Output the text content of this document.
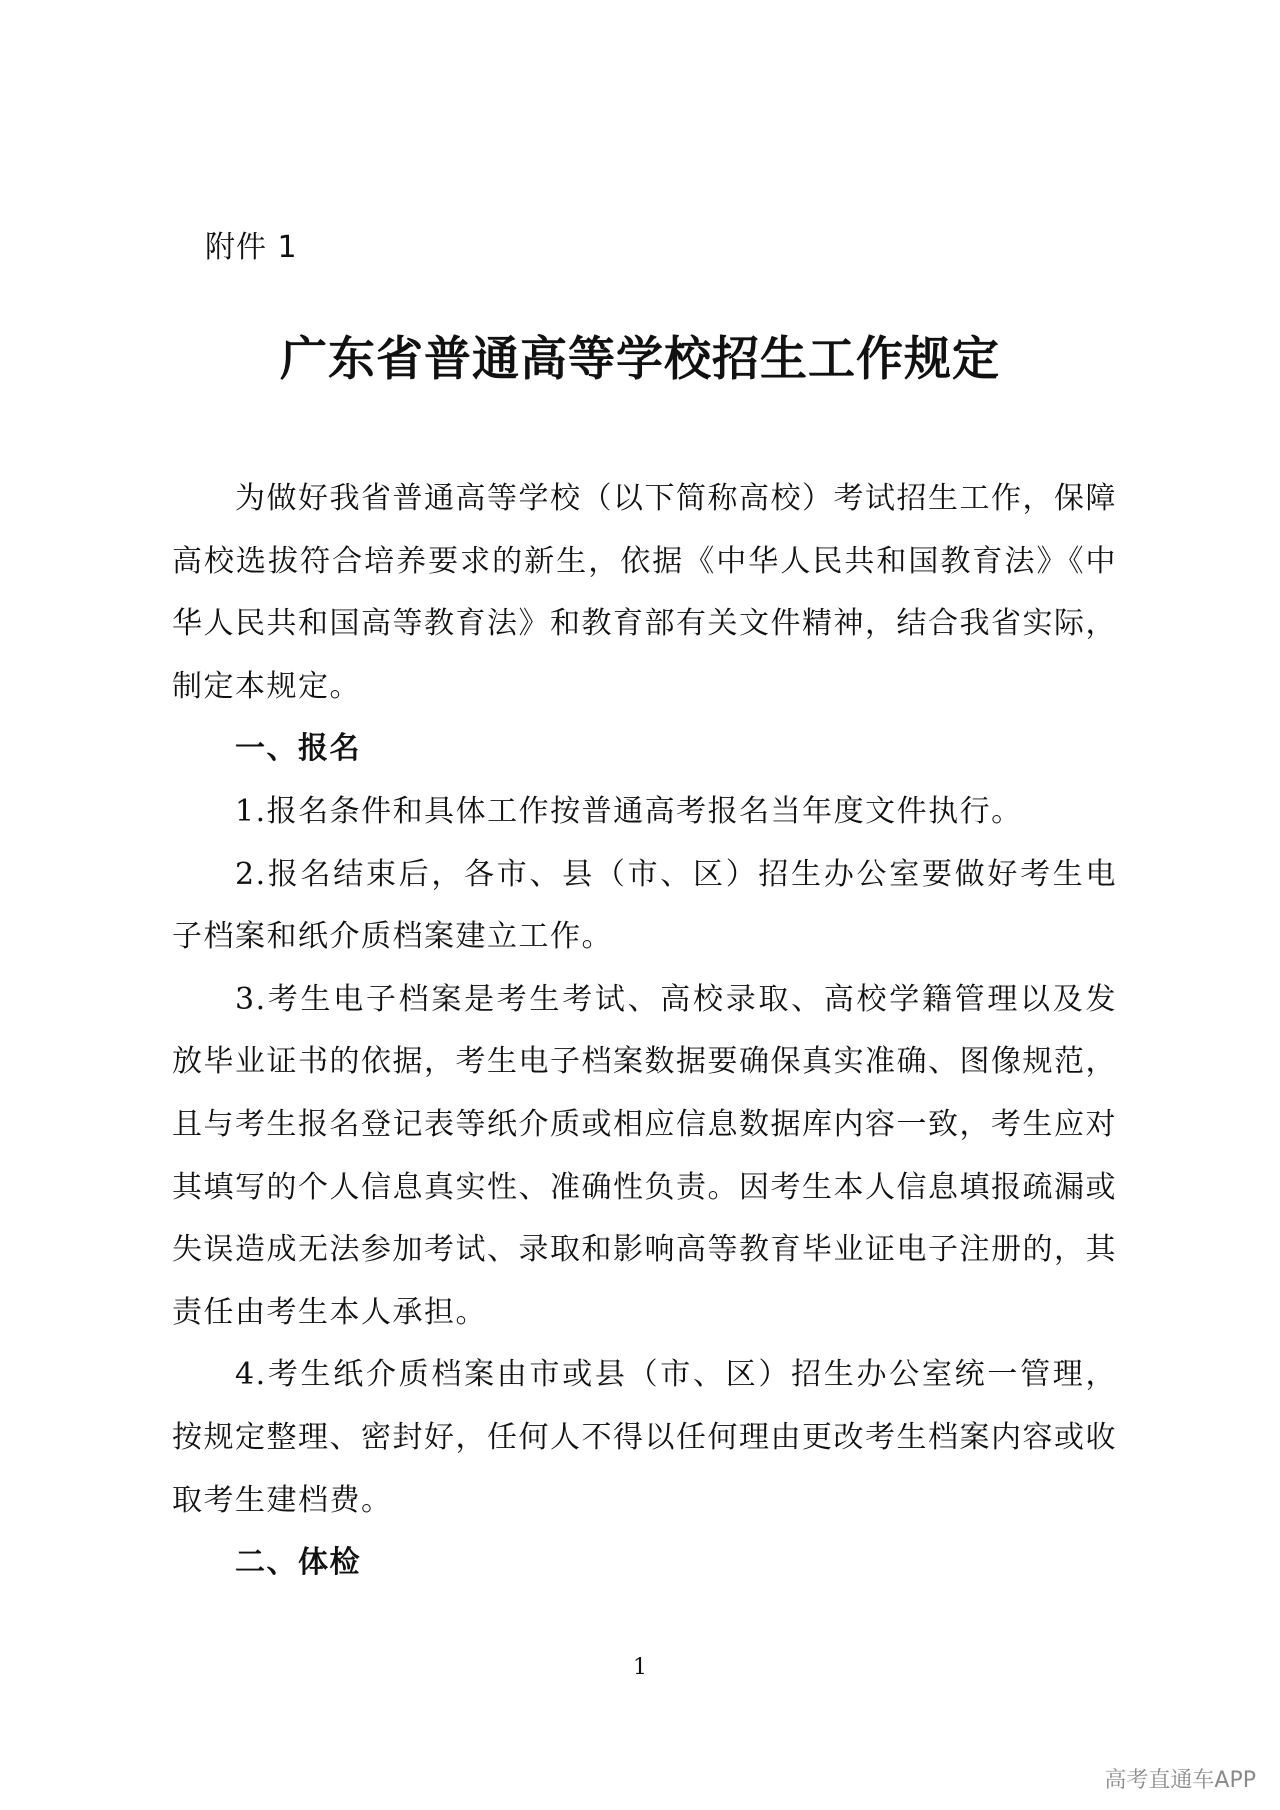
附件 1
广东省普通高等学校招生工作规定

为做好我省普通高等学校（以下简称高校）考试招生工作，保障高校选拔符合培养要求的新生，依据《中华人民共和国教育法》《中华人民共和国高等教育法》和教育部有关文件精神，结合我省实际，制定本规定。

一、报名

1.报名条件和具体工作按普通高考报名当年度文件执行。

2.报名结束后，各市、县（市、区）招生办公室要做好考生电子档案和纸介质档案建立工作。

3.考生电子档案是考生考试、高校录取、高校学籍管理以及发放毕业证书的依据，考生电子档案数据要确保真实准确、图像规范，且与考生报名登记表等纸介质或相应信息数据库内容一致，考生应对其填写的个人信息真实性、准确性负责。因考生本人信息填报疏漏或失误造成无法参加考试、录取和影响高等教育毕业证电子注册的，其责任由考生本人承担。

4.考生纸介质档案由市或县（市、区）招生办公室统一管理，按规定整理、密封好，任何人不得以任何理由更改考生档案内容或收取考生建档费。

二、体检

1
高考直通车APP
